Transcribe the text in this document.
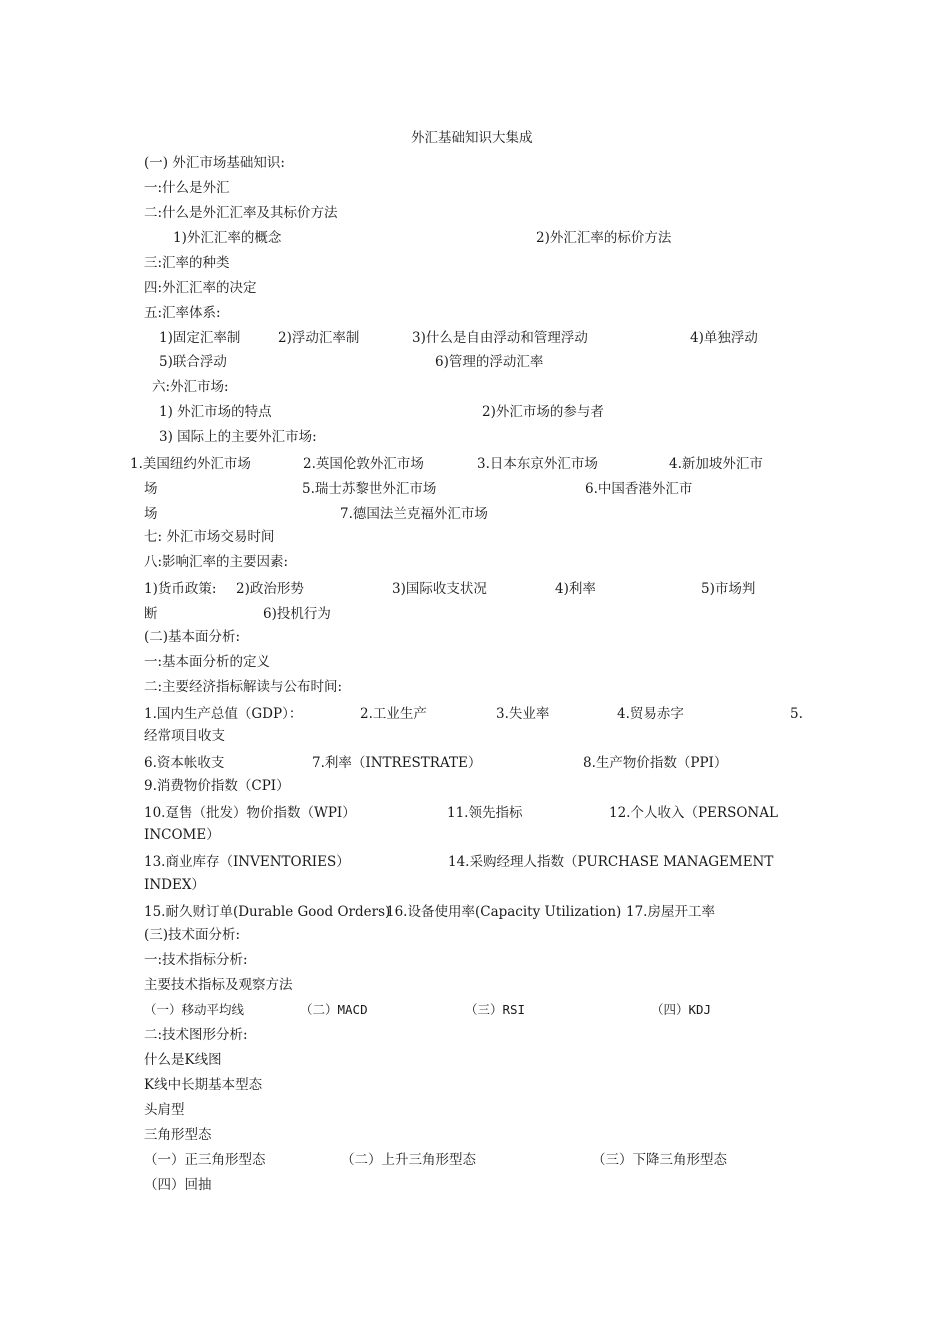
外汇基础知识大集成
(一) 外汇市场基础知识:
一:什么是外汇
二:什么是外汇汇率及其标价方法
1)外汇汇率的概念	2)外汇汇率的标价方法
三:汇率的种类
四:外汇汇率的决定
五:汇率体系:
1)固定汇率制	2)浮动汇率制	3)什么是自由浮动和管理浮动	4)单独浮动
5)联合浮动	6)管理的浮动汇率
六:外汇市场:
1) 外汇市场的特点	2)外汇市场的参与者
3) 国际上的主要外汇市场:
1.美国纽约外汇市场	2.英国伦敦外汇市场	3.日本东京外汇市场	4.新加坡外汇市
场	5.瑞士苏黎世外汇市场	6.中国香港外汇市
场	7.德国法兰克福外汇市场
七: 外汇市场交易时间
八:影响汇率的主要因素:
1)货币政策: 2)政治形势	3)国际收支状况	4)利率	5)市场判
断	6)投机行为
(二)基本面分析:
一:基本面分析的定义
二:主要经济指标解读与公布时间:
1.国内生产总值（GDP）：	2.工业生产	3.失业率	4.贸易赤字	5.
经常项目收支
6.资本帐收支	7.利率（INTRESTRATE）	8.生产物价指数（PPI）
9.消费物价指数（CPI）
10.趸售（批发）物价指数（WPI）	11.领先指标	12.个人收入（PERSONAL
INCOME）
13.商业库存（INVENTORIES）	14.采购经理人指数（PURCHASE MANAGEMENT
INDEX）
15.耐久财订单(Durable Good Orders)
16.设备使用率(Capacity Utilization) 17.房屋开工率
(三)技术面分析:
一:技术指标分析:
主要技术指标及观察方法
（一）移动平均线	（二）MACD	（三）RSI	（四）KDJ
二:技术图形分析:
什么是K线图
K线中长期基本型态
头肩型
三角形型态
（一）正三角形型态	（二）上升三角形型态	（三）下降三角形型态
（四）回抽
